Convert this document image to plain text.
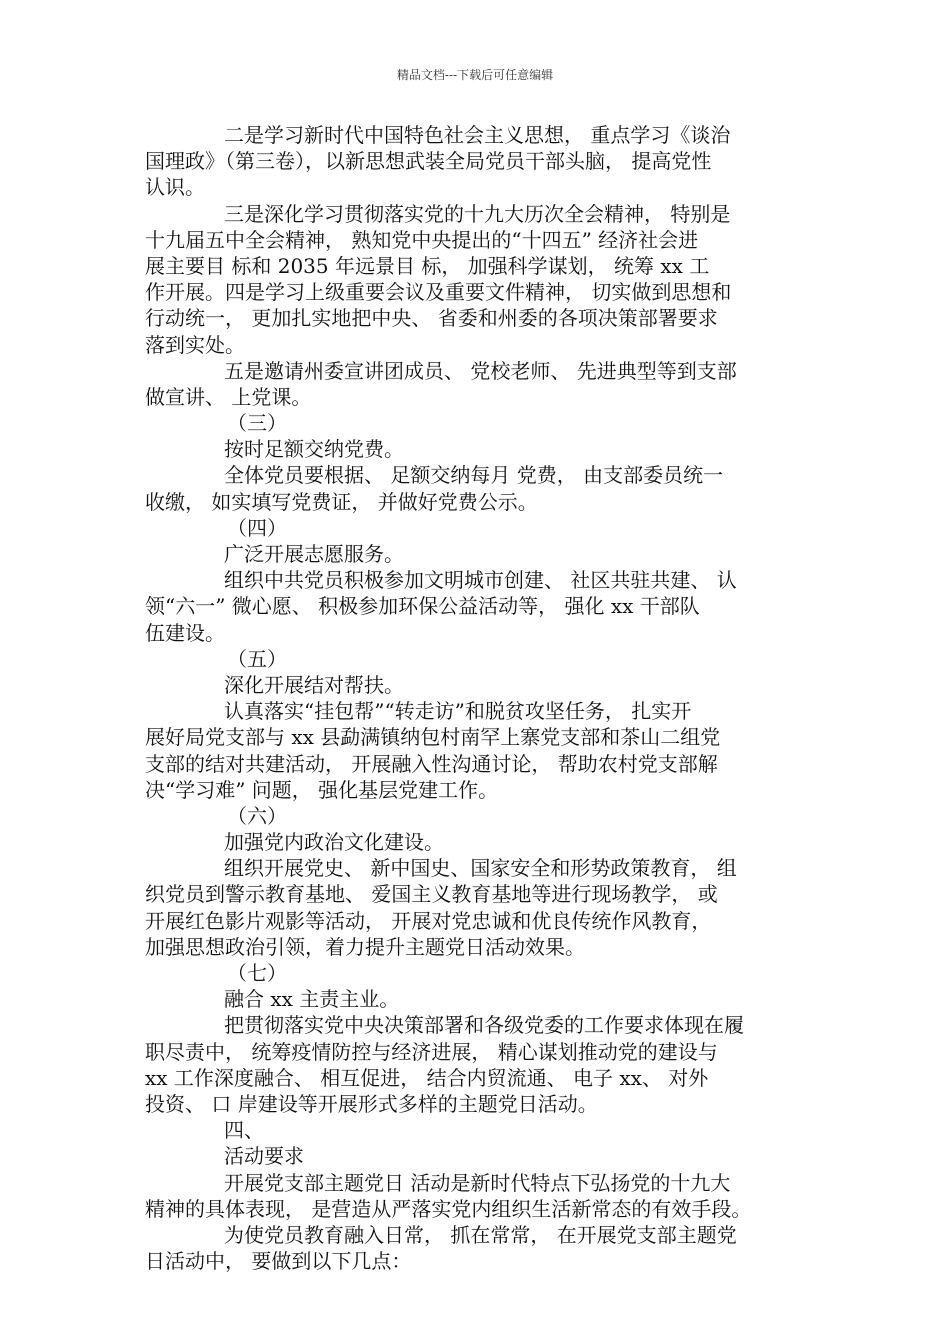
精品文档---下载后可任意编辑
二是学习新时代中国特色社会主义思想， 重点学习《谈治
国理政》（第三卷），以新思想武装全局党员干部头脑， 提高党性
认识。
三是深化学习贯彻落实党的十九大历次全会精神， 特别是
十九届五中全会精神， 熟知党中央提出的“十四五” 经济社会进
展主要目 标和 2035 年远景目 标， 加强科学谋划， 统筹 xx 工
作开展。四是学习上级重要会议及重要文件精神， 切实做到思想和
行动统一， 更加扎实地把中央、 省委和州委的各项决策部署要求
落到实处。
五是邀请州委宣讲团成员、 党校老师、 先进典型等到支部
做宣讲、 上党课。
（三）
按时足额交纳党费。
全体党员要根据、 足额交纳每月 党费， 由支部委员统一
收缴， 如实填写党费证， 并做好党费公示。
（四）
广泛开展志愿服务。
组织中共党员积极参加文明城市创建、 社区共驻共建、 认
领“六一” 微心愿、 积极参加环保公益活动等， 强化 xx 干部队
伍建设。
（五）
深化开展结对帮扶。
认真落实“挂包帮”“转走访”和脱贫攻坚任务， 扎实开
展好局党支部与 xx 县勐满镇纳包村南罕上寨党支部和茶山二组党
支部的结对共建活动， 开展融入性沟通讨论， 帮助农村党支部解
决“学习难” 问题， 强化基层党建工作。
（六）
加强党内政治文化建设。
组织开展党史、 新中国史、国家安全和形势政策教育， 组
织党员到警示教育基地、 爱国主义教育基地等进行现场教学， 或
开展红色影片观影等活动， 开展对党忠诚和优良传统作风教育，
加强思想政治引领，着力提升主题党日活动效果。
（七）
融合 xx 主责主业。
把贯彻落实党中央决策部署和各级党委的工作要求体现在履
职尽责中， 统筹疫情防控与经济进展， 精心谋划推动党的建设与
xx 工作深度融合、 相互促进， 结合内贸流通、 电子 xx、 对外
投资、 口 岸建设等开展形式多样的主题党日活动。
四、
活动要求
开展党支部主题党日 活动是新时代特点下弘扬党的十九大
精神的具体表现， 是营造从严落实党内组织生活新常态的有效手段。
为使党员教育融入日常， 抓在常常， 在开展党支部主题党
日活动中， 要做到以下几点：
